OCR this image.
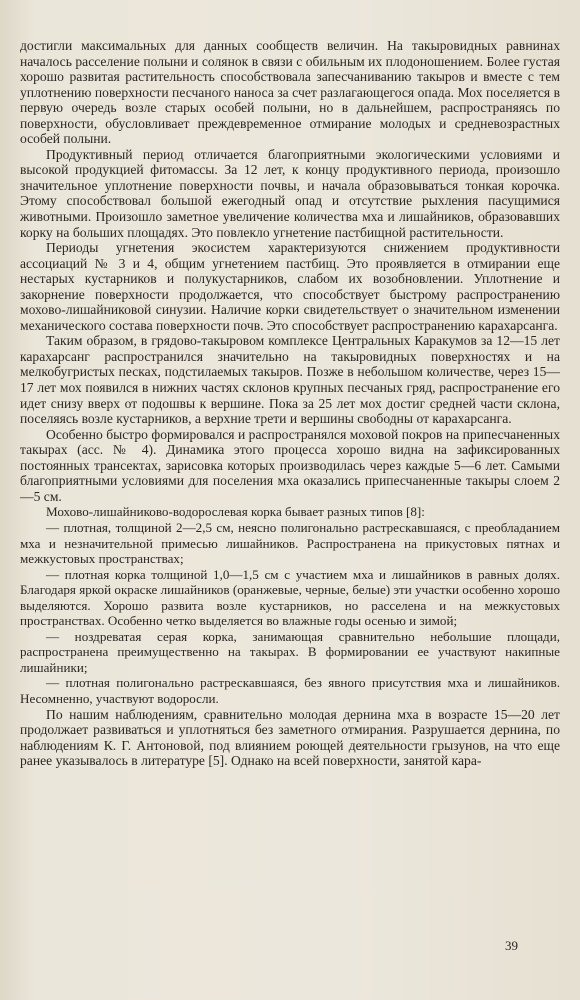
достигли максимальных для данных сообществ величин. На такыровидных равнинах началось расселение полыни и солянок в связи с обильным их плодоношением. Более густая хорошо развитая растительность способствовала запесчаниванию такыров и вместе с тем уплотнению поверхности песчаного наноса за счет разлагающегося опада. Мох поселяется в первую очередь возле старых особей полыни, но в дальнейшем, распространяясь по поверхности, обусловливает преждевременное отмирание молодых и средневозрастных особей полыни.

Продуктивный период отличается благоприятными экологическими условиями и высокой продукцией фитомассы. За 12 лет, к концу продуктивного периода, произошло значительное уплотнение поверхности почвы, и начала образовываться тонкая корочка. Этому способствовал большой ежегодный опад и отсутствие рыхления пасущимися животными. Произошло заметное увеличение количества мха и лишайников, образовавших корку на больших площадях. Это повлекло угнетение пастбищной растительности.

Периоды угнетения экосистем характеризуются снижением продуктивности ассоциаций № 3 и 4, общим угнетением пастбищ. Это проявляется в отмирании еще нестарых кустарников и полукустарников, слабом их возобновлении. Уплотнение и закорнение поверхности продолжается, что способствует быстрому распространению мохово-лишайниковой синузии. Наличие корки свидетельствует о значительном изменении механического состава поверхности почв. Это способствует распространению карахарсанга.

Таким образом, в грядово-такыровом комплексе Центральных Каракумов за 12—15 лет карахарсанг распространился значительно на такыровидных поверхностях и на мелкобугристых песках, подстилаемых такыров. Позже в небольшом количестве, через 15—17 лет мох появился в нижних частях склонов крупных песчаных гряд, распространение его идет снизу вверх от подошвы к вершине. Пока за 25 лет мох достиг средней части склона, поселяясь возле кустарников, а верхние трети и вершины свободны от карахарсанга.

Особенно быстро формировался и распространялся моховой покров на припесчаненных такырах (асс. № 4). Динамика этого процесса хорошо видна на зафиксированных постоянных трансектах, зарисовка которых производилась через каждые 5—6 лет. Самыми благоприятными условиями для поселения мха оказались припесчаненные такыры слоем 2—5 см.

Мохово-лишайниково-водорослевая корка бывает разных типов [8]:

— плотная, толщиной 2—2,5 см, неясно полигонально растрескавшаяся, с преобладанием мха и незначительной примесью лишайников. Распространена на прикустовых пятнах и межкустовых пространствах;

— плотная корка толщиной 1,0—1,5 см с участием мха и лишайников в равных долях. Благодаря яркой окраске лишайников (оранжевые, черные, белые) эти участки особенно хорошо выделяются. Хорошо развита возле кустарников, но расселена и на межкустовых пространствах. Особенно четко выделяется во влажные годы осенью и зимой;

— ноздреватая серая корка, занимающая сравнительно небольшие площади, распространена преимущественно на такырах. В формировании ее участвуют накипные лишайники;

— плотная полигонально растрескавшаяся, без явного присутствия мха и лишайников. Несомненно, участвуют водоросли.

По нашим наблюдениям, сравнительно молодая дернина мха в возрасте 15—20 лет продолжает развиваться и уплотняться без заметного отмирания. Разрушается дернина, по наблюдениям К. Г. Антоновой, под влиянием роющей деятельности грызунов, на что еще ранее указывалось в литературе [5]. Однако на всей поверхности, занятой кара-

39
